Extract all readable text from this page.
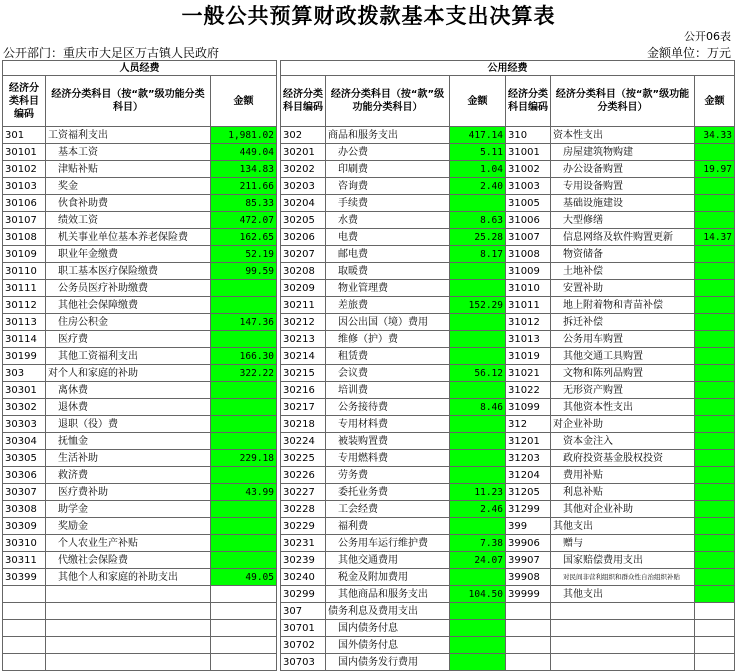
一般公共预算财政拨款基本支出决算表
公开06表
公开部门：重庆市大足区万古镇人民政府	金额单位：万元
人员经费				公用经费					
经济分类科目编码	经济分类科目（按“款”级功能分类科目）	金额		经济分类科目编码	经济分类科目（按“款”级功能分类科目）	金额	经济分类科目编码	经济分类科目（按“款”级功能分类科目）	金额
301	工资福利支出	1,981.02		302	商品和服务支出	417.14	310	资本性支出	34.33
30101	基本工资	449.04		30201	办公费	5.11	31001	房屋建筑物购建	
30102	津贴补贴	134.83		30202	印刷费	1.04	31002	办公设备购置	19.97
30103	奖金	211.66		30203	咨询费	2.40	31003	专用设备购置	
30106	伙食补助费	85.33		30204	手续费		31005	基础设施建设	
30107	绩效工资	472.07		30205	水费	8.63	31006	大型修缮	
30108	机关事业单位基本养老保险费	162.65		30206	电费	25.28	31007	信息网络及软件购置更新	14.37
30109	职业年金缴费	52.19		30207	邮电费	8.17	31008	物资储备	
30110	职工基本医疗保险缴费	99.59		30208	取暖费		31009	土地补偿	
30111	公务员医疗补助缴费			30209	物业管理费		31010	安置补助	
30112	其他社会保障缴费			30211	差旅费	152.29	31011	地上附着物和青苗补偿	
30113	住房公积金	147.36		30212	因公出国（境）费用		31012	拆迁补偿	
30114	医疗费			30213	维修（护）费		31013	公务用车购置	
30199	其他工资福利支出	166.30		30214	租赁费		31019	其他交通工具购置	
303	对个人和家庭的补助	322.22		30215	会议费	56.12	31021	文物和陈列品购置	
30301	离休费			30216	培训费		31022	无形资产购置	
30302	退休费			30217	公务接待费	8.46	31099	其他资本性支出	
30303	退职（役）费			30218	专用材料费		312	对企业补助	
30304	抚恤金			30224	被装购置费		31201	资本金注入	
30305	生活补助	229.18		30225	专用燃料费		31203	政府投资基金股权投资	
30306	救济费			30226	劳务费		31204	费用补贴	
30307	医疗费补助	43.99		30227	委托业务费	11.23	31205	利息补贴	
30308	助学金			30228	工会经费	2.46	31299	其他对企业补助	
30309	奖励金			30229	福利费		399	其他支出	
30310	个人农业生产补贴			30231	公务用车运行维护费	7.38	39906	赠与	
30311	代缴社会保险费			30239	其他交通费用	24.07	39907	国家赔偿费用支出	
30399	其他个人和家庭的补助支出	49.05		30240	税金及附加费用		39908	对民间非营利组织和群众性自治组织补贴	
				30299	其他商品和服务支出	104.50	39999	其他支出	
				307	债务利息及费用支出				
				30701	国内债务付息				
				30702	国外债务付息				
				30703	国内债务发行费用				
